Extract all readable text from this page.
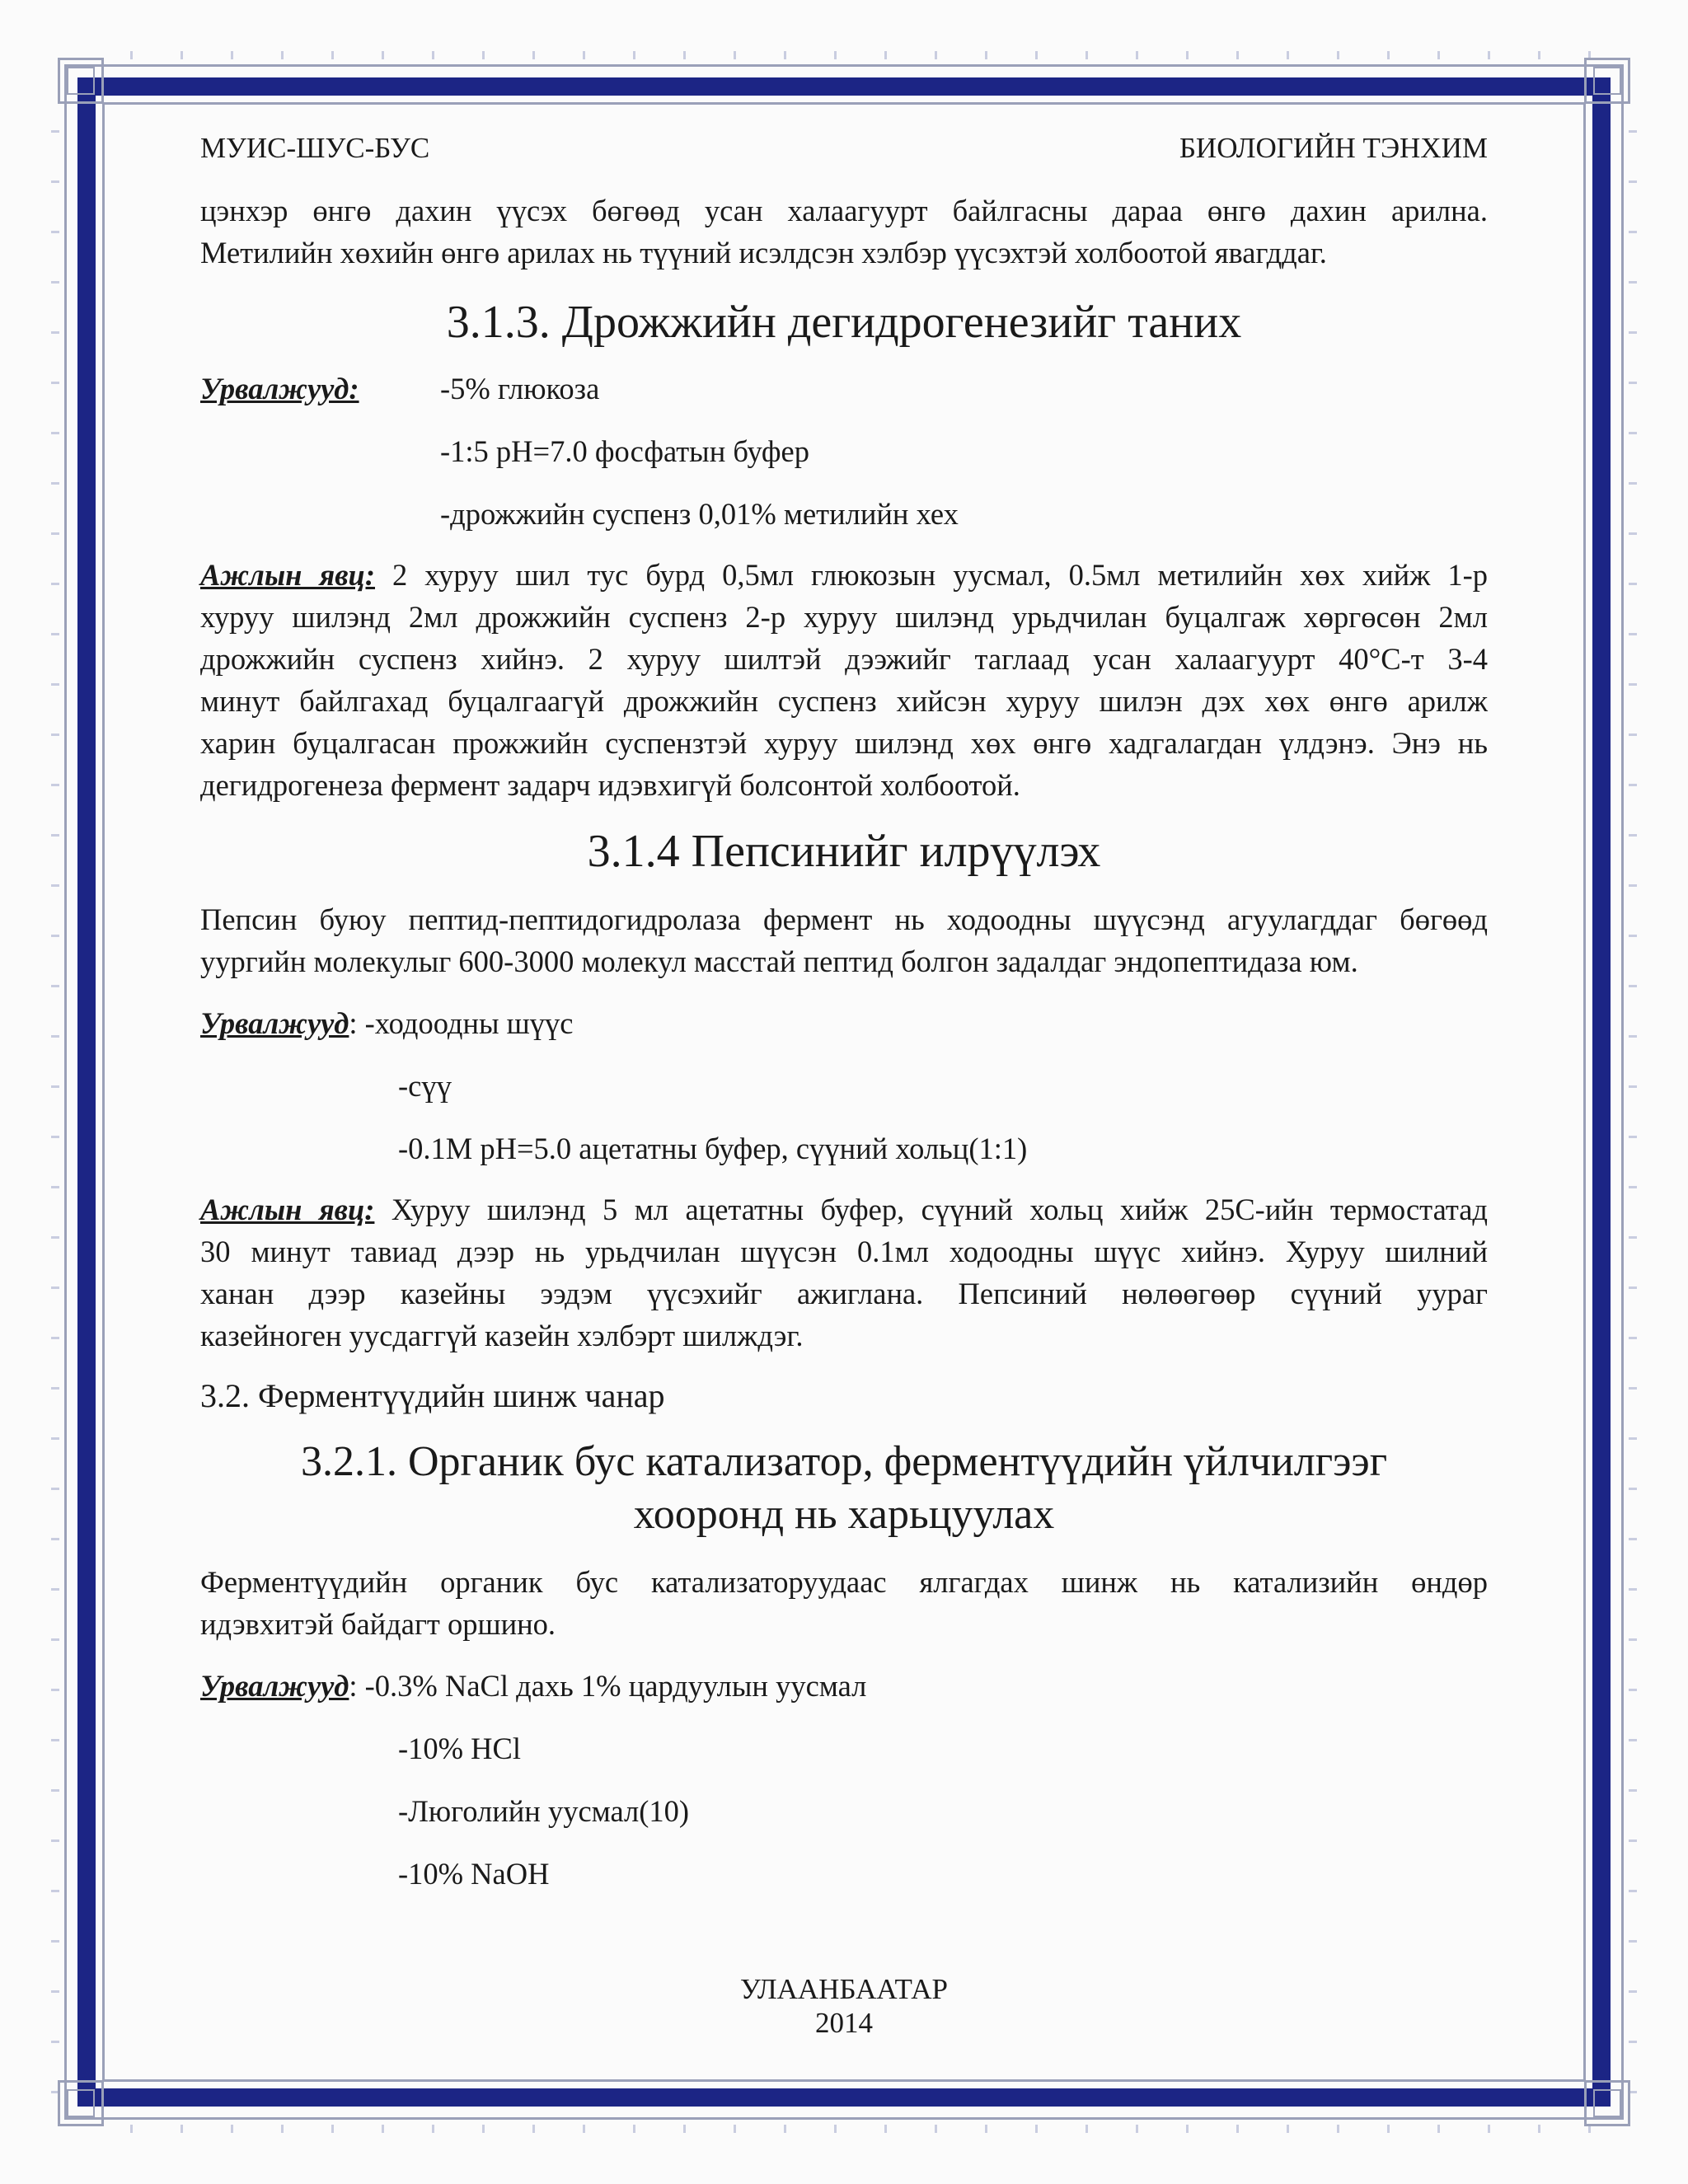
МУИС-ШУС-БУС	БИОЛОГИЙН ТЭНХИМ

цэнхэр өнгө дахин үүсэх бөгөөд усан халаагуурт байлгасны дараа өнгө дахин арилна.

Метилийн хөхийн өнгө арилах нь түүний исэлдсэн хэлбэр үүсэхтэй холбоотой явагддаг.

3.1.3. Дрожжийн дегидрогенезийг таних
Урвалжууд:	-5% глюкоза
-1:5 pH=7.0 фосфатын буфер
-дрожжийн суспенз 0,01% метилийн хех

Ажлын явц: 2 хуруу шил тус бурд 0,5мл глюкозын уусмал, 0.5мл метилийн хөх хийж 1-р

хуруу шилэнд 2мл дрожжийн суспенз 2-р хуруу шилэнд урьдчилан буцалгаж хөргөсөн 2мл

дрожжийн суспенз хийнэ. 2 хуруу шилтэй дээжийг таглаад усан халаагуурт 40°С-т 3-4

минут байлгахад буцалгаагүй дрожжийн суспенз хийсэн хуруу шилэн дэх хөх өнгө арилж

харин буцалгасан прожжийн суспензтэй хуруу шилэнд хөх өнгө хадгалагдан үлдэнэ. Энэ нь

дегидрогенеза фермент задарч идэвхигүй болсонтой холбоотой.

3.1.4 Пепсинийг илрүүлэх

Пепсин буюу пептид-пептидогидролаза фермент нь ходоодны шүүсэнд агуулагддаг бөгөөд

уургийн молекулыг 600-3000 молекул масстай пептид болгон задалдаг эндопептидаза юм.

Урвалжууд: -ходоодны шүүс
-сүү
-0.1M pH=5.0 ацетатны буфер, сүүний хольц(1:1)

Ажлын явц: Хуруу шилэнд 5 мл ацетатны буфер, сүүний хольц хийж 25С-ийн термостатад

30 минут тавиад дээр нь урьдчилан шүүсэн 0.1мл ходоодны шүүс хийнэ. Хуруу шилний

ханан дээр казейны ээдэм үүсэхийг ажиглана. Пепсиний нөлөөгөөр сүүний уураг

казейноген уусдаггүй казейн хэлбэрт шилждэг.

3.2. Ферментүүдийн шинж чанар
3.2.1. Органик бус катализатор, ферментүүдийн үйлчилгээг
хооронд нь харьцуулах

Ферментүүдийн органик бус катализаторуудаас ялгагдах шинж нь катализийн өндөр

идэвхитэй байдагт оршино.

Урвалжууд: -0.3% NaCl дахь 1% цардуулын уусмал
-10% HCl
-Люголийн уусмал(10)
-10% NaOH
УЛААНБААТАР
2014
